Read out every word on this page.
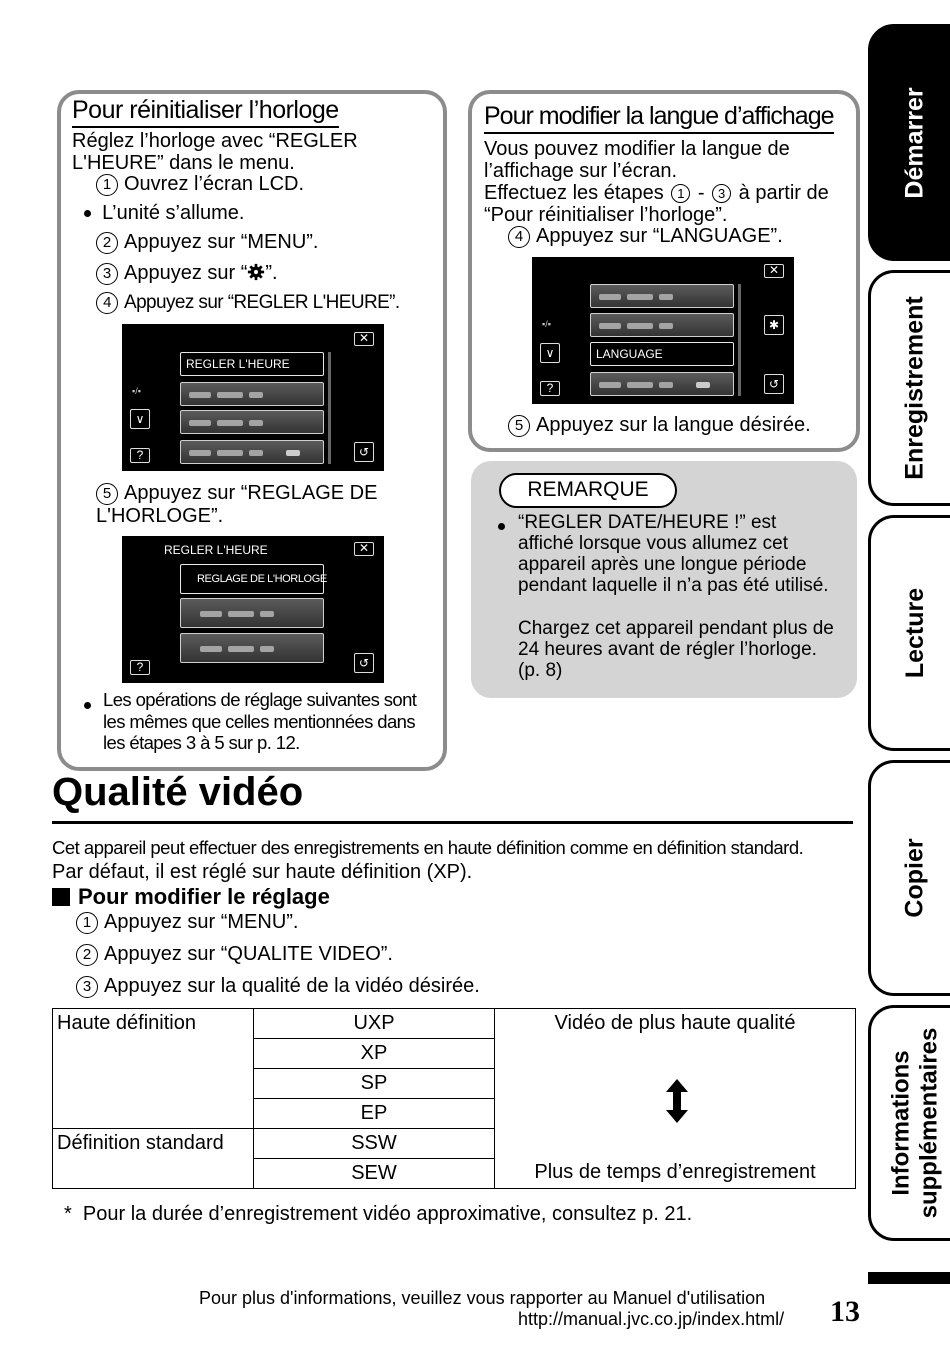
Démarrer
Enregistrement
Lecture
Copier
Informations supplémentaires
Pour réinitialiser l’horloge
Réglez l’horloge avec “REGLER L'HEURE” dans le menu.
1 Ouvrez l’écran LCD.
L’unité s’allume.
2 Appuyez sur “MENU”.
3 Appuyez sur “ ”.
4 Appuyez sur “REGLER L'HEURE”.
REGLER L'HEURE
✕
▪/▪
∨
?	↺
5 Appuyez sur “REGLAGE DE L'HORLOGE”.
REGLER L'HEURE	✕
REGLAGE DE L'HORLOGE
?	↺
Les opérations de réglage suivantes sont les mêmes que celles mentionnées dans les étapes 3 à 5 sur p. 12.
Pour modifier la langue d’affichage
Vous pouvez modifier la langue de l’affichage sur l’écran.
Effectuez les étapes 1 - 3 à partir de “Pour réinitialiser l’horloge”.
4 Appuyez sur “LANGUAGE”.
LANGUAGE
✕
✱
▪/▪
∨
?	↺
5 Appuyez sur la langue désirée.
REMARQUE
“REGLER DATE/HEURE !” est affiché lorsque vous allumez cet appareil après une longue période pendant laquelle il n’a pas été utilisé.
Chargez cet appareil pendant plus de 24 heures avant de régler l’horloge. (p. 8)
Qualité vidéo
Cet appareil peut effectuer des enregistrements en haute définition comme en définition standard.
Par défaut, il est réglé sur haute définition (XP).
Pour modifier le réglage
1 Appuyez sur “MENU”.
2 Appuyez sur “QUALITE VIDEO”.
3 Appuyez sur la qualité de la vidéo désirée.
Haute définition	UXP	Vidéo de plus haute qualité
Plus de temps d’enregistrement

	XP	
	SP	
	EP	
Définition standard	SSW	
	SEW	
*  Pour la durée d’enregistrement vidéo approximative, consultez p. 21.
Pour plus d'informations, veuillez vous rapporter au Manuel d'utilisation
http://manual.jvc.co.jp/index.html/ 13
